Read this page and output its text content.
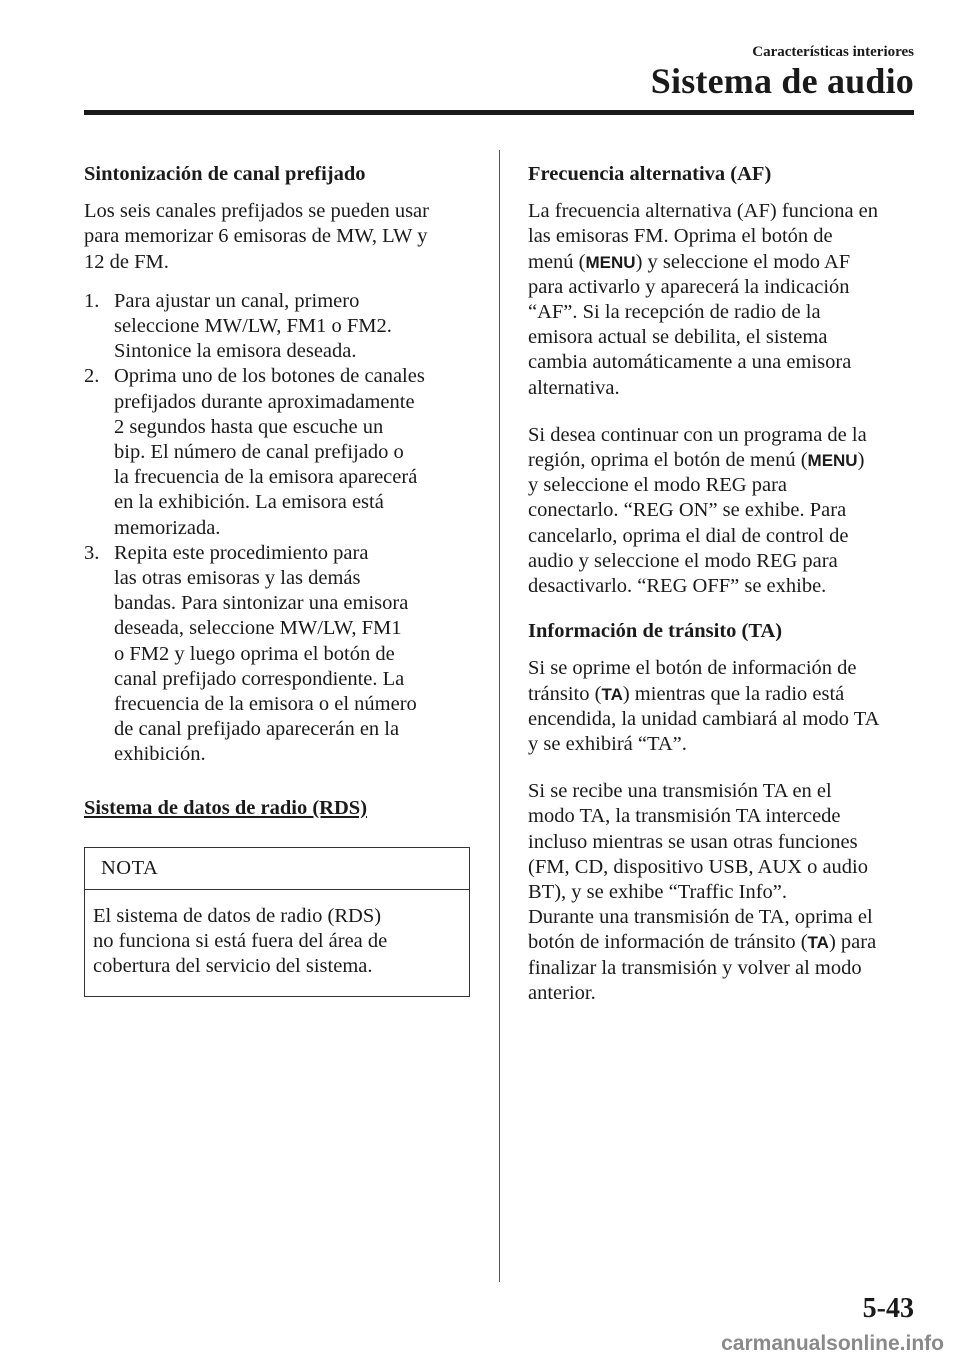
Características interiores
Sistema de audio
Sintonización de canal prefijado

Los seis canales prefijados se pueden usar
para memorizar 6 emisoras de MW, LW y
12 de FM.

1. Para ajustar un canal, primero
seleccione MW/LW, FM1 o FM2.
Sintonice la emisora deseada.
2. Oprima uno de los botones de canales
prefijados durante aproximadamente
2 segundos hasta que escuche un
bip. El número de canal prefijado o
la frecuencia de la emisora aparecerá
en la exhibición. La emisora está
memorizada.
3. Repita este procedimiento para
las otras emisoras y las demás
bandas. Para sintonizar una emisora
deseada, seleccione MW/LW, FM1
o FM2 y luego oprima el botón de
canal prefijado correspondiente. La
frecuencia de la emisora o el número
de canal prefijado aparecerán en la
exhibición.

Sistema de datos de radio (RDS)

NOTA
El sistema de datos de radio (RDS)
no funciona si está fuera del área de
cobertura del servicio del sistema.
Frecuencia alternativa (AF)

La frecuencia alternativa (AF) funciona en
las emisoras FM. Oprima el botón de
menú (MENU) y seleccione el modo AF
para activarlo y aparecerá la indicación
“AF”. Si la recepción de radio de la
emisora actual se debilita, el sistema
cambia automáticamente a una emisora
alternativa.

Si desea continuar con un programa de la
región, oprima el botón de menú (MENU)
y seleccione el modo REG para
conectarlo. “REG ON” se exhibe. Para
cancelarlo, oprima el dial de control de
audio y seleccione el modo REG para
desactivarlo. “REG OFF” se exhibe.

Información de tránsito (TA)

Si se oprime el botón de información de
tránsito (TA) mientras que la radio está
encendida, la unidad cambiará al modo TA
y se exhibirá “TA”.

Si se recibe una transmisión TA en el
modo TA, la transmisión TA intercede
incluso mientras se usan otras funciones
(FM, CD, dispositivo USB, AUX o audio
BT), y se exhibe “Traffic Info”.
Durante una transmisión de TA, oprima el
botón de información de tránsito (TA) para
finalizar la transmisión y volver al modo
anterior.

5-43
carmanualsonline.info
